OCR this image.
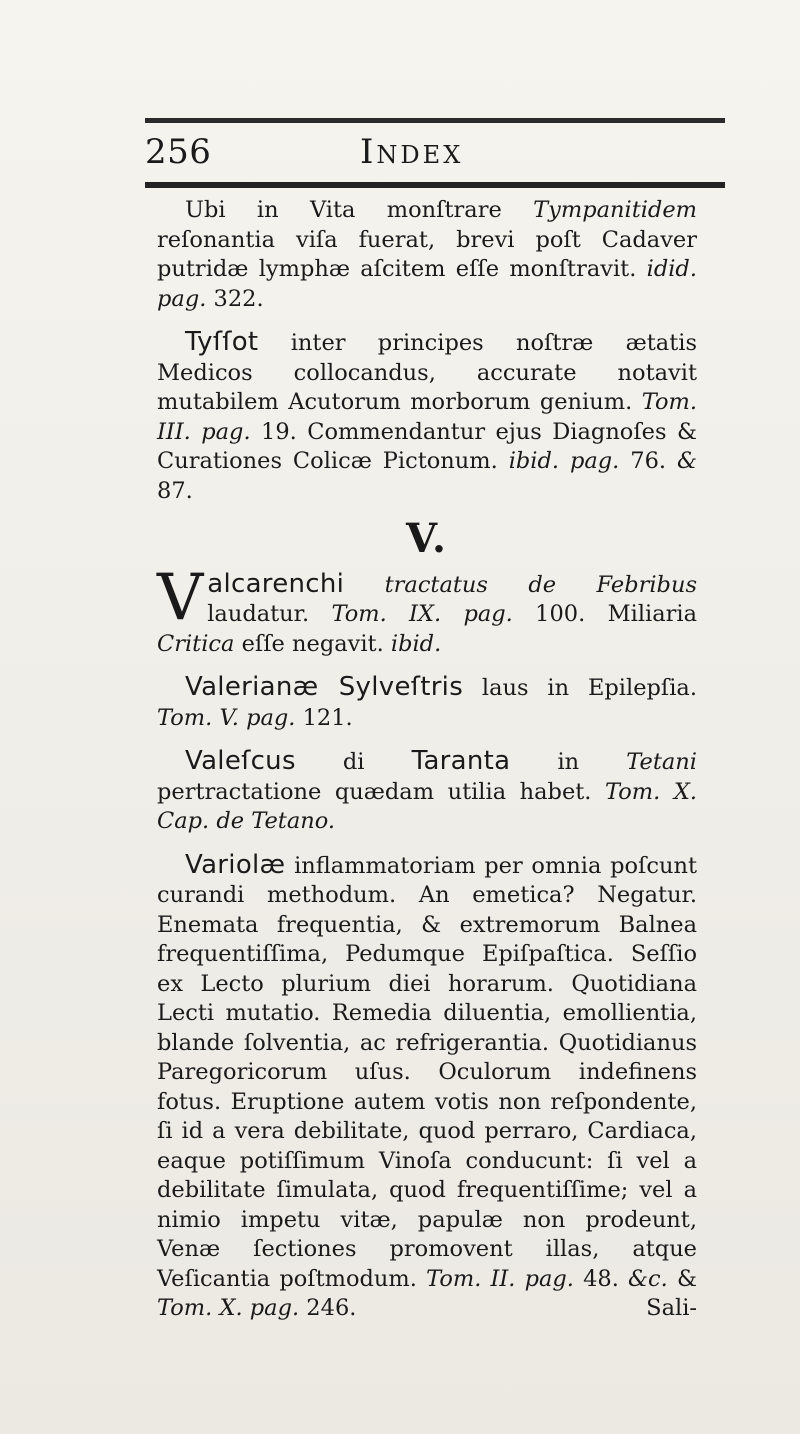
256	Index

Ubi in Vita monſtrare Tympanitidem reſonantia viſa fuerat, brevi poſt Cadaver putridæ lymphæ aſcitem eſſe monſtravit. idid. pag. 322.

Tyſſot inter principes noſtræ ætatis Medicos collocandus, accurate notavit mutabilem Acutorum morborum genium. Tom. III. pag. 19. Commendantur ejus Diagnoſes & Curationes Colicæ Pictonum. ibid. pag. 76. & 87.

V.

Valcarenchi tractatus de Febribus laudatur. Tom. IX. pag. 100. Miliaria Critica eſſe negavit. ibid.

Valerianæ Sylveſtris laus in Epilepſia. Tom. V. pag. 121.

Valeſcus di Taranta in Tetani pertractatione quædam utilia habet. Tom. X. Cap. de Tetano.

Variolæ inflammatoriam per omnia poſcunt curandi methodum. An emetica? Negatur. Enemata frequentia, & extremorum Balnea frequentiſſima, Pedumque Epiſpaſtica. Seſſio ex Lecto plurium diei horarum. Quotidiana Lecti mutatio. Remedia diluentia, emollientia, blande ſolventia, ac refrigerantia. Quotidianus Paregoricorum uſus. Oculorum indefinens fotus. Eruptione autem votis non reſpondente, ſi id a vera debilitate, quod perraro, Cardiaca, eaque potiſſimum Vinoſa conducunt: ſi vel a debilitate ſimulata, quod frequentiſſime; vel a nimio impetu vitæ, papulæ non prodeunt, Venæ ſectiones promovent illas, atque Veſicantia poſtmodum. Tom. II. pag. 48. &c. & Tom. X. pag. 246.	Sali-
